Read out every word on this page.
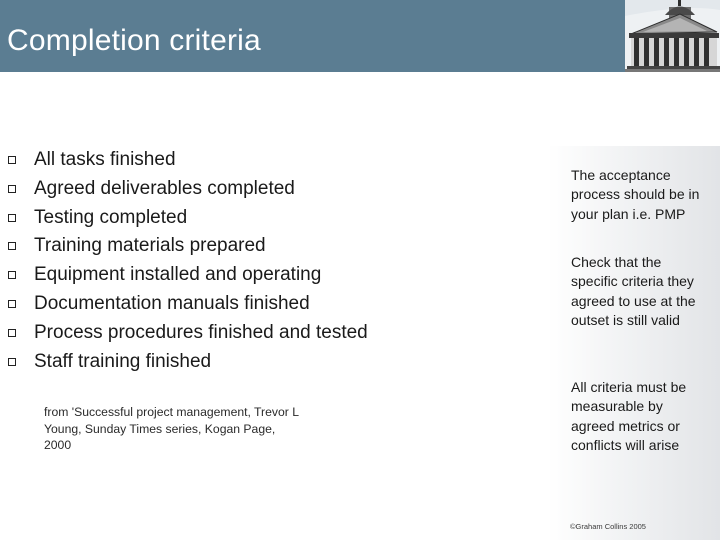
Completion criteria
All tasks finished
Agreed deliverables completed
Testing completed
Training materials prepared
Equipment installed and operating
Documentation manuals finished
Process procedures finished and tested
Staff training finished
from 'Successful project management, Trevor L Young, Sunday Times series, Kogan Page, 2000
The acceptance process should be in your plan i.e. PMP
Check that the specific criteria they agreed to use at the outset is still valid
All criteria must be measurable by agreed metrics or conflicts will arise
©Graham Collins 2005
